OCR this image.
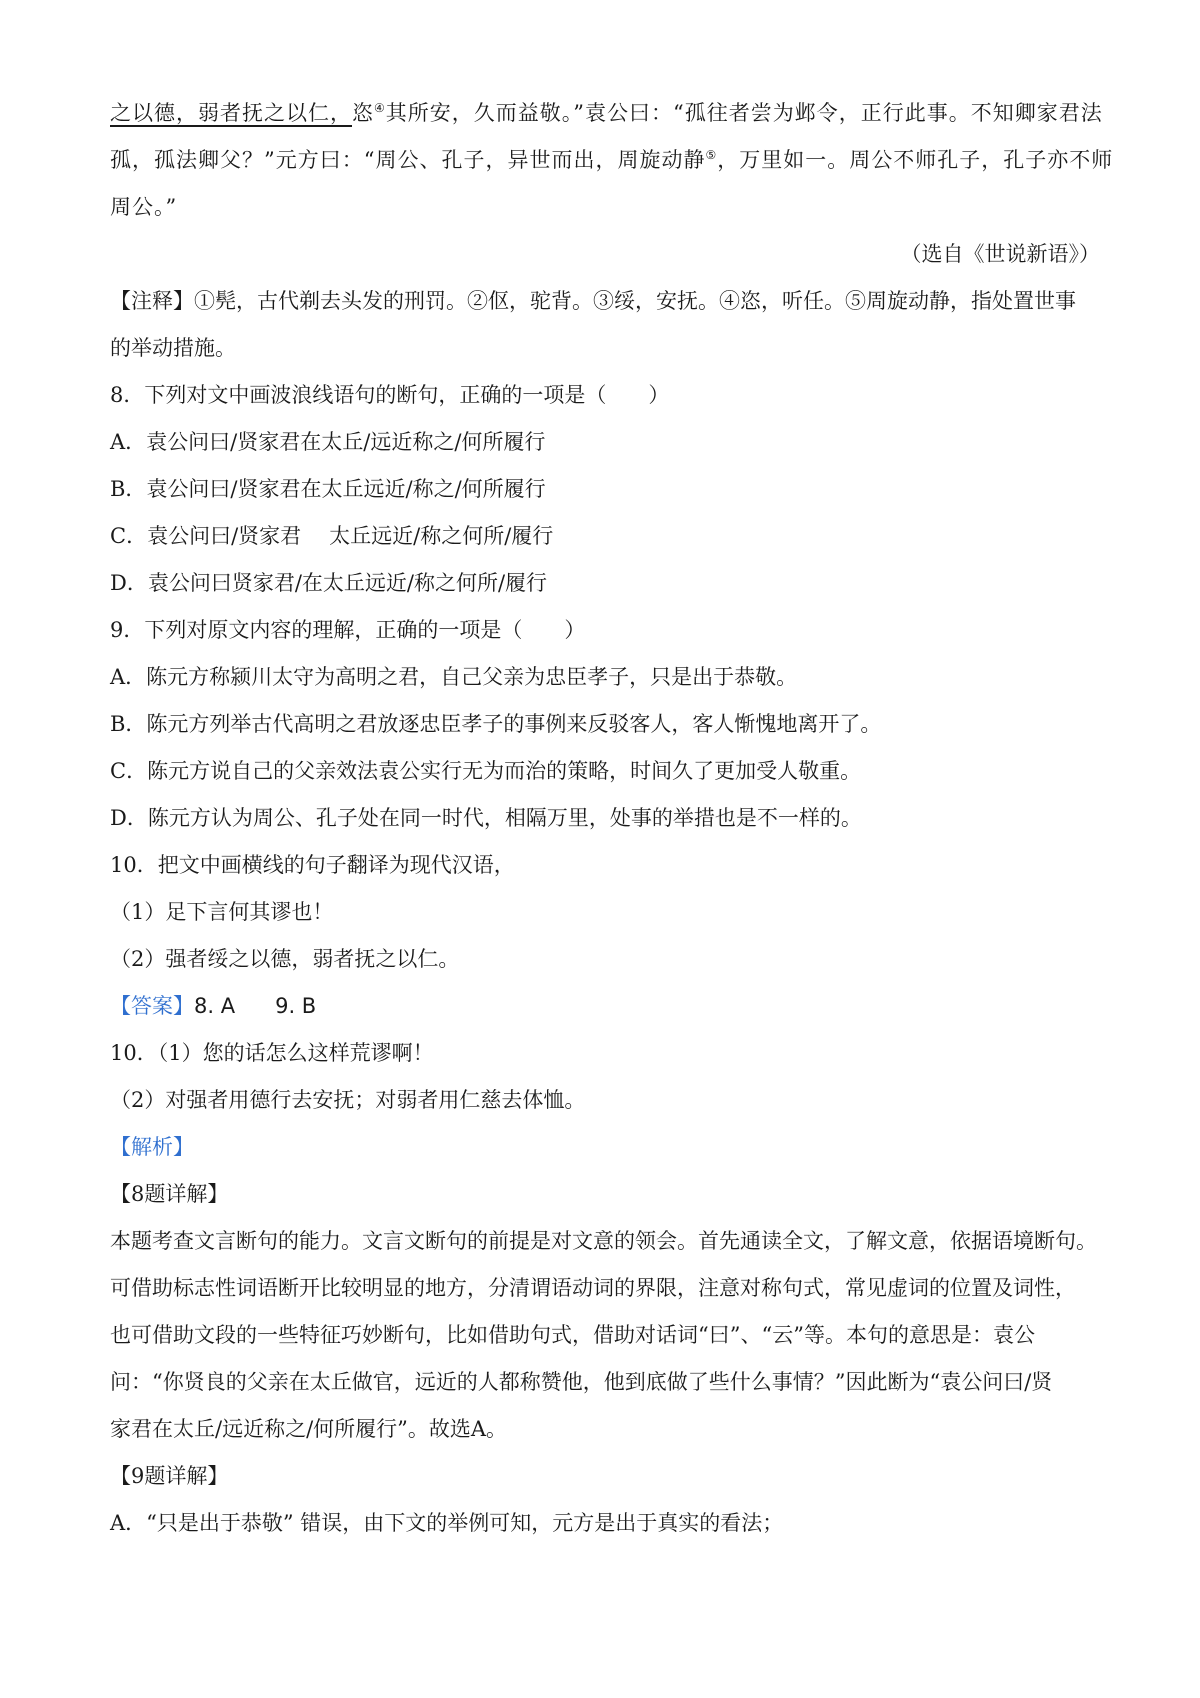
之以德，弱者抚之以仁，恣④其所安，久而益敬。”袁公曰：“孤往者尝为邺令，正行此事。不知卿家君法
孤，孤法卿父？”元方曰：“周公、孔子，异世而出，周旋动静⑤，万里如一。周公不师孔子，孔子亦不师
周公。”
（选自《世说新语》）
【注释】①髡，古代剃去头发的刑罚。②伛，驼背。③绥，安抚。④恣，听任。⑤周旋动静，指处置世事
的举动措施。
8．下列对文中画波浪线语句的断句，正确的一项是（　　）
A．袁公问曰/贤家君在太丘/远近称之/何所履行
B．袁公问曰/贤家君在太丘远近/称之/何所履行
C．袁公问曰/贤家君 太丘远近/称之何所/履行
D．袁公问曰贤家君/在太丘远近/称之何所/履行
9．下列对原文内容的理解，正确的一项是（　　）
A．陈元方称颍川太守为高明之君，自己父亲为忠臣孝子，只是出于恭敬。
B．陈元方列举古代高明之君放逐忠臣孝子的事例来反驳客人，客人惭愧地离开了。
C．陈元方说自己的父亲效法袁公实行无为而治的策略，时间久了更加受人敬重。
D．陈元方认为周公、孔子处在同一时代，相隔万里，处事的举措也是不一样的。
10．把文中画横线的句子翻译为现代汉语，
（1）足下言何其谬也！
（2）强者绥之以德，弱者抚之以仁。
【答案】8. A 9. B
10．（1）您的话怎么这样荒谬啊！
（2）对强者用德行去安抚；对弱者用仁慈去体恤。
【解析】
【8题详解】
本题考查文言断句的能力。文言文断句的前提是对文意的领会。首先通读全文，了解文意，依据语境断句。
可借助标志性词语断开比较明显的地方，分清谓语动词的界限，注意对称句式，常见虚词的位置及词性，
也可借助文段的一些特征巧妙断句，比如借助句式，借助对话词“曰”、“云”等。本句的意思是：袁公
问：“你贤良的父亲在太丘做官，远近的人都称赞他，他到底做了些什么事情？”因此断为“袁公问曰/贤
家君在太丘/远近称之/何所履行”。故选A。
【9题详解】
A．“只是出于恭敬” 错误，由下文的举例可知，元方是出于真实的看法；
